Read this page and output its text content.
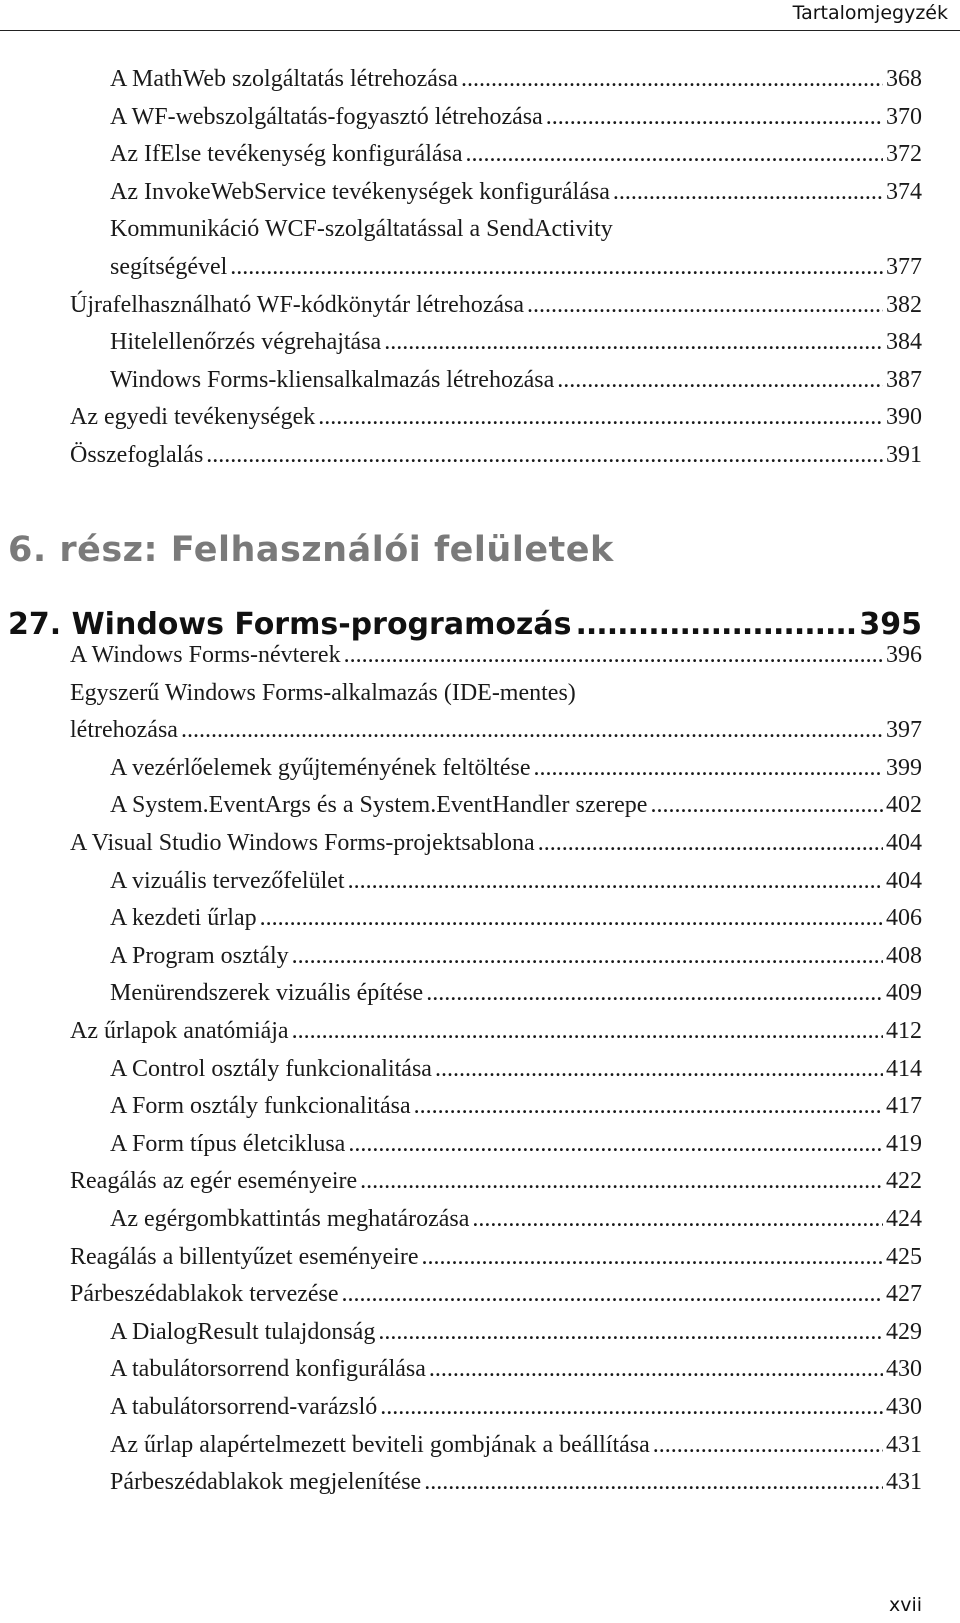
Tartalomjegyzék
6. rész: Felhasználói felületek
27. Windows Forms-programozás .....	395
xvii
A MathWeb szolgáltatás létrehozása . . .	368
A WF-webszolgáltatás-fogyasztó létrehozása . . .	370
Az IfElse tevékenység konfigurálása . . .	372
Az InvokeWebService tevékenységek konfigurálása . . .	374
Kommunikáció WCF-szolgáltatással a SendActivity
segítségével . . .	377
Újrafelhasználható WF-kódkönytár létrehozása . . .	382
Hitelellenőrzés végrehajtása . . .	384
Windows Forms-kliensalkalmazás létrehozása . . .	387
Az egyedi tevékenységek . . .	390
Összefoglalás . . .	391
A Windows Forms-névterek . . .	396
Egyszerű Windows Forms-alkalmazás (IDE-mentes)
létrehozása . . .	397
A vezérlőelemek gyűjteményének feltöltése . . .	399
A System.EventArgs és a System.EventHandler szerepe . . .	402
A Visual Studio Windows Forms-projektsablona . . .	404
A vizuális tervezőfelület . . .	404
A kezdeti űrlap . . .	406
A Program osztály . . .	408
Menürendszerek vizuális építése . . .	409
Az űrlapok anatómiája . . .	412
A Control osztály funkcionalitása . . .	414
A Form osztály funkcionalitása . . .	417
A Form típus életciklusa . . .	419
Reagálás az egér eseményeire . . .	422
Az egérgombkattintás meghatározása . . .	424
Reagálás a billentyűzet eseményeire . . .	425
Párbeszédablakok tervezése . . .	427
A DialogResult tulajdonság . . .	429
A tabulátorsorrend konfigurálása . . .	430
A tabulátorsorrend-varázsló . . .	430
Az űrlap alapértelmezett beviteli gombjának a beállítása . . .	431
Párbeszédablakok megjelenítése . . .	431
